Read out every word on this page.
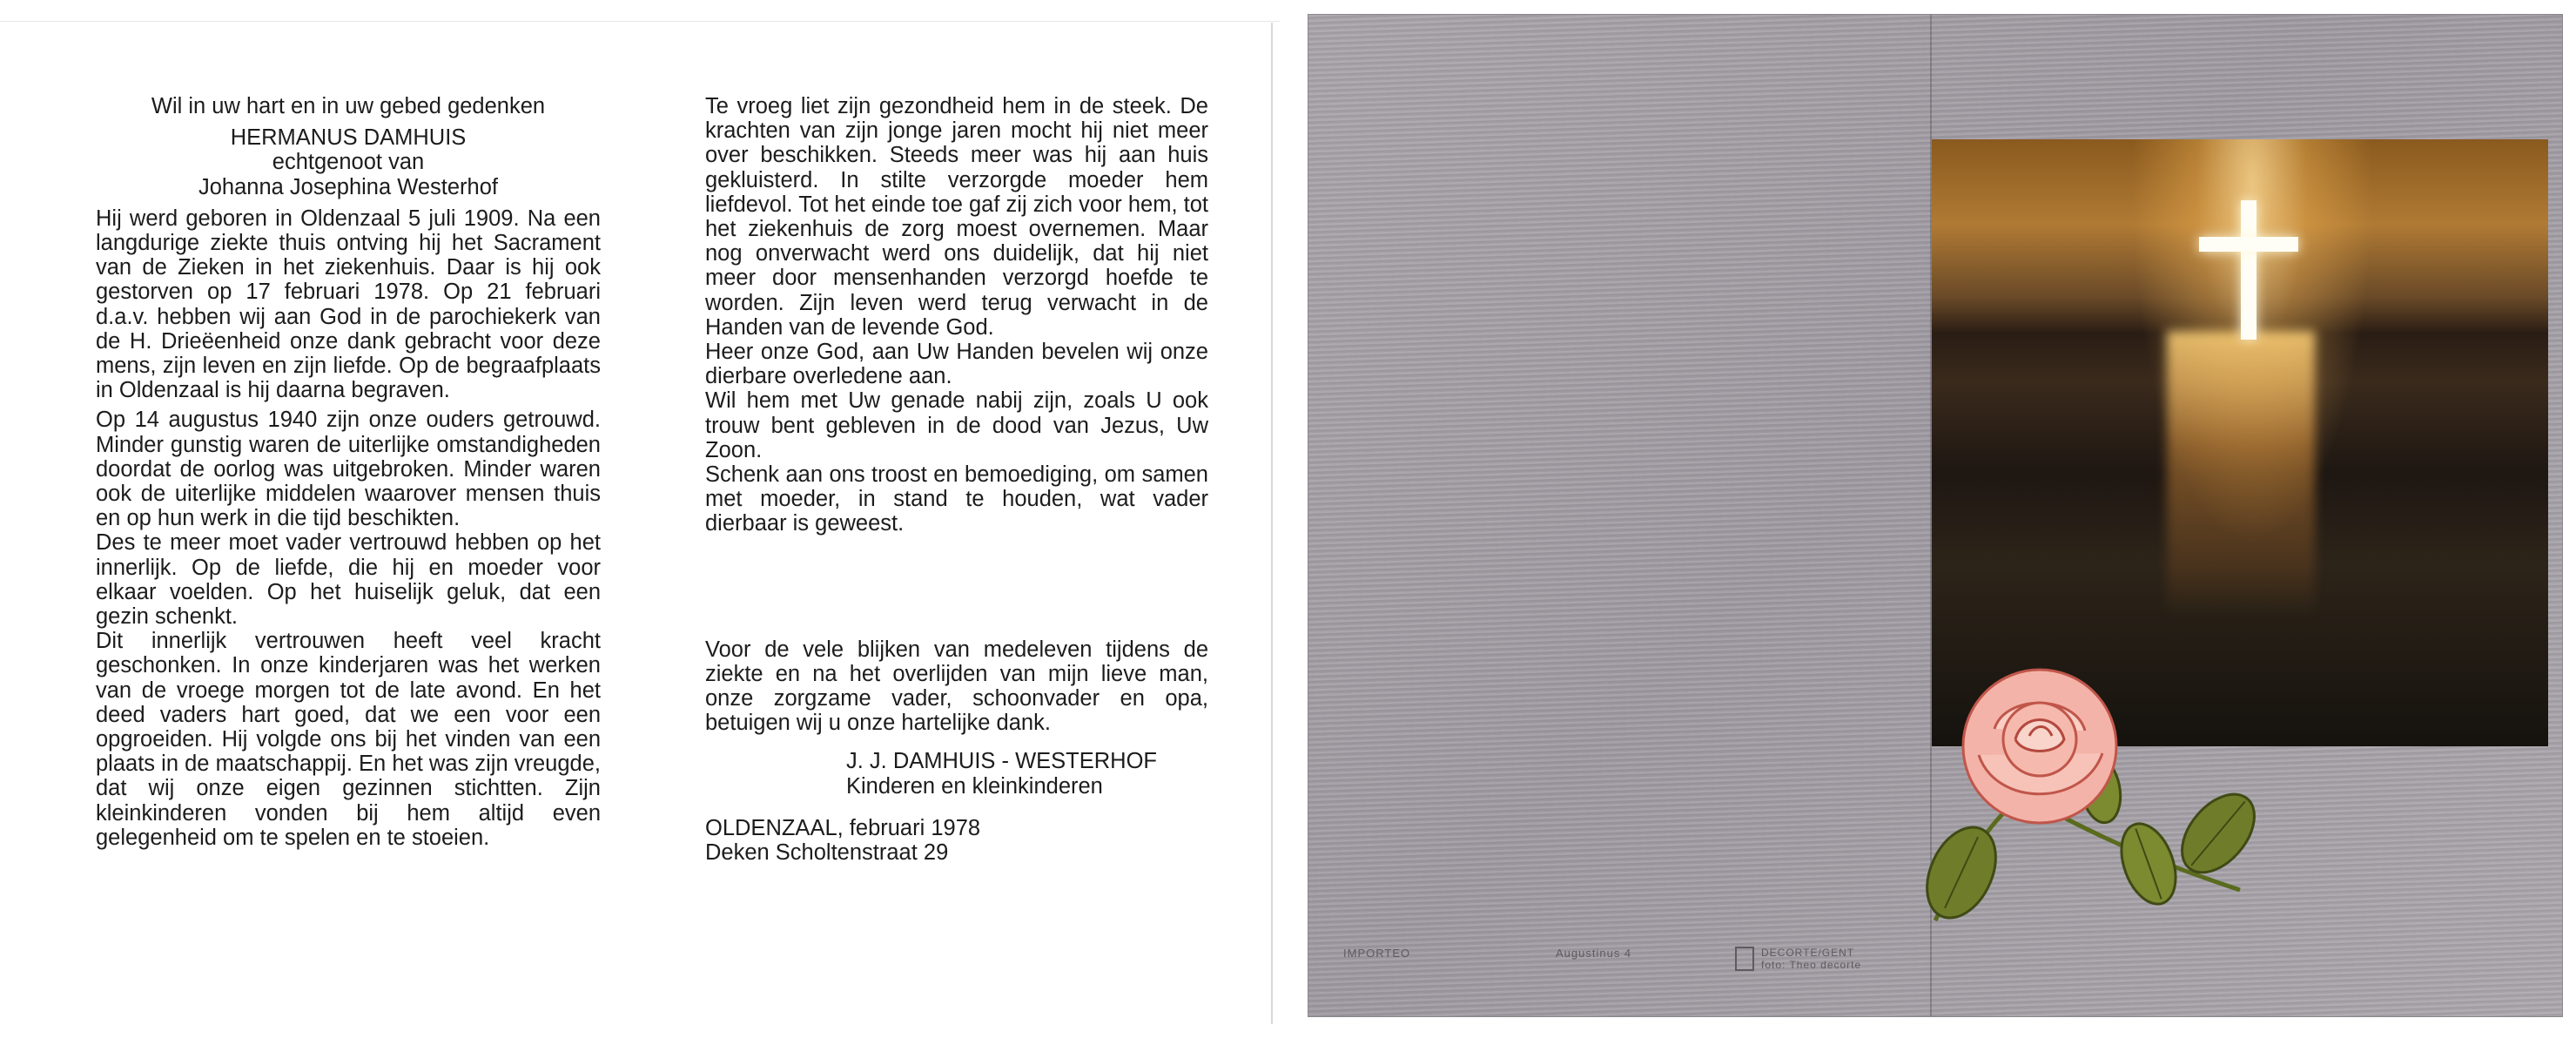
Wil in uw hart en in uw gebed gedenken
HERMANUS DAMHUIS
echtgenoot van
Johanna Josephina Westerhof

Hij werd geboren in Oldenzaal 5 juli 1909. Na een langdurige ziekte thuis ontving hij het Sacrament van de Zieken in het ziekenhuis. Daar is hij ook gestorven op 17 februari 1978. Op 21 februari d.a.v. hebben wij aan God in de parochiekerk van de H. Drieëenheid onze dank gebracht voor deze mens, zijn leven en zijn liefde. Op de begraafplaats in Oldenzaal is hij daarna begraven.

Op 14 augustus 1940 zijn onze ouders getrouwd. Minder gunstig waren de uiterlijke omstandigheden doordat de oorlog was uitgebroken. Minder waren ook de uiterlijke middelen waarover mensen thuis en op hun werk in die tijd beschikten.

Des te meer moet vader vertrouwd hebben op het innerlijk. Op de liefde, die hij en moeder voor elkaar voelden. Op het huiselijk geluk, dat een gezin schenkt.

Dit innerlijk vertrouwen heeft veel kracht geschonken. In onze kinderjaren was het werken van de vroege morgen tot de late avond. En het deed vaders hart goed, dat we een voor een opgroeiden. Hij volgde ons bij het vinden van een plaats in de maatschappij. En het was zijn vreugde, dat wij onze eigen gezinnen stichtten. Zijn kleinkinderen vonden bij hem altijd even gelegenheid om te spelen en te stoeien.

Te vroeg liet zijn gezondheid hem in de steek. De krachten van zijn jonge jaren mocht hij niet meer over beschikken. Steeds meer was hij aan huis gekluisterd. In stilte verzorgde moeder hem liefdevol. Tot het einde toe gaf zij zich voor hem, tot het ziekenhuis de zorg moest overnemen. Maar nog onverwacht werd ons duidelijk, dat hij niet meer door mensenhanden verzorgd hoefde te worden. Zijn leven werd terug verwacht in de Handen van de levende God.

Heer onze God, aan Uw Handen bevelen wij onze dierbare overledene aan.

Wil hem met Uw genade nabij zijn, zoals U ook trouw bent gebleven in de dood van Jezus, Uw Zoon.

Schenk aan ons troost en bemoediging, om samen met moeder, in stand te houden, wat vader dierbaar is geweest.

Voor de vele blijken van medeleven tijdens de ziekte en na het overlijden van mijn lieve man, onze zorgzame vader, schoonvader en opa, betuigen wij u onze hartelijke dank.

J. J. DAMHUIS - WESTERHOF
Kinderen en kleinkinderen
OLDENZAAL, februari 1978
Deken Scholtenstraat 29
IMPORTEO	Augustinus 4	DECORTE/GENT
foto: Theo decorte
